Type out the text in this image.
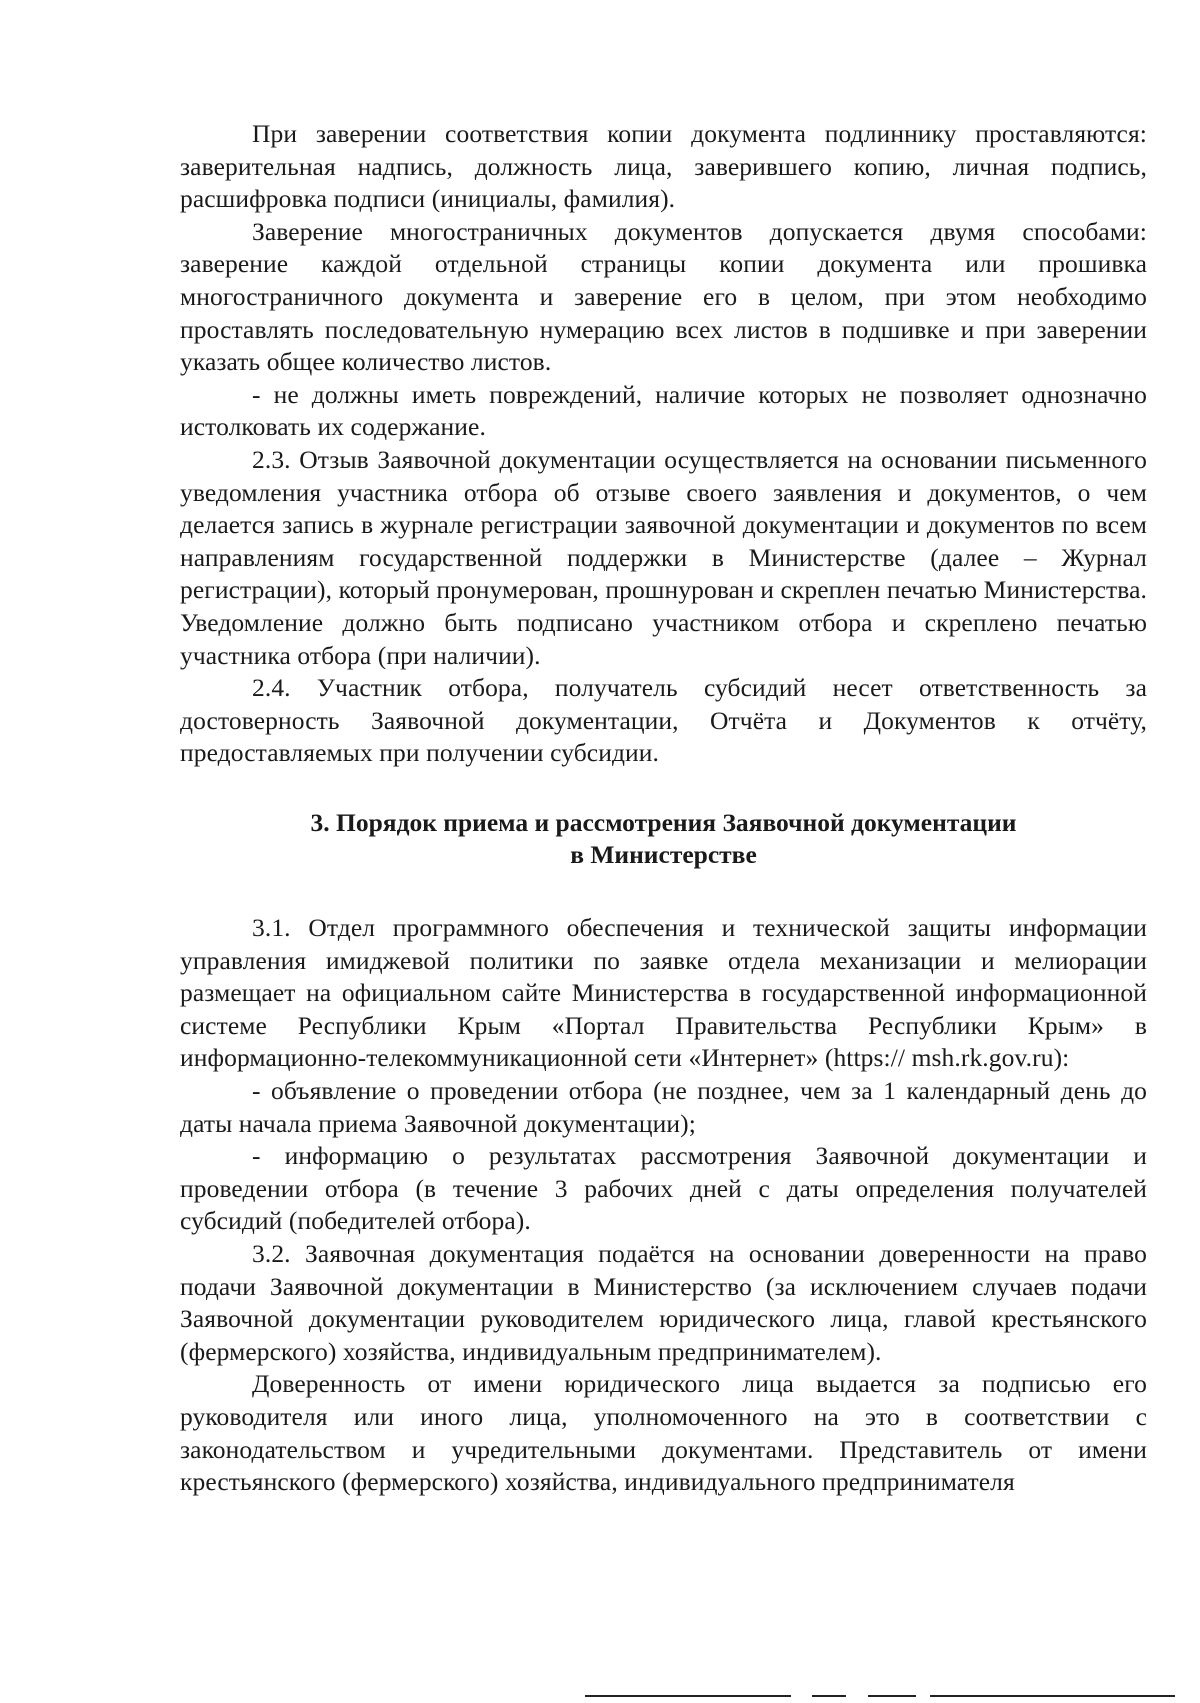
При заверении соответствия копии документа подлиннику проставляются: заверительная надпись, должность лица, заверившего копию, личная подпись, расшифровка подписи (инициалы, фамилия).

Заверение многостраничных документов допускается двумя способами: заверение каждой отдельной страницы копии документа или прошивка многостраничного документа и заверение его в целом, при этом необходимо проставлять последовательную нумерацию всех листов в подшивке и при заверении указать общее количество листов.

- не должны иметь повреждений, наличие которых не позволяет однозначно истолковать их содержание.

2.3. Отзыв Заявочной документации осуществляется на основании письменного уведомления участника отбора об отзыве своего заявления и документов, о чем делается запись в журнале регистрации заявочной документации и документов по всем направлениям государственной поддержки в Министерстве (далее – Журнал регистрации), который пронумерован, прошнурован и скреплен печатью Министерства. Уведомление должно быть подписано участником отбора и скреплено печатью участника отбора (при наличии).

2.4. Участник отбора, получатель субсидий несет ответственность за достоверность Заявочной документации, Отчёта и Документов к отчёту, предоставляемых при получении субсидии.

3. Порядок приема и рассмотрения Заявочной документации

в Министерстве

3.1. Отдел программного обеспечения и технической защиты информации управления имиджевой политики по заявке отдела механизации и мелиорации размещает на официальном сайте Министерства в государственной информационной системе Республики Крым «Портал Правительства Республики Крым» в информационно-телекоммуникационной сети «Интернет» (https:// msh.rk.gov.ru):

- объявление о проведении отбора (не позднее, чем за 1 календарный день до даты начала приема Заявочной документации);

- информацию о результатах рассмотрения Заявочной документации и проведении отбора (в течение 3 рабочих дней с даты определения получателей субсидий (победителей отбора).

3.2. Заявочная документация подаётся на основании доверенности на право подачи Заявочной документации в Министерство (за исключением случаев подачи Заявочной документации руководителем юридического лица, главой крестьянского (фермерского) хозяйства, индивидуальным предпринимателем).

Доверенность от имени юридического лица выдается за подписью его руководителя или иного лица, уполномоченного на это в соответствии с законодательством и учредительными документами. Представитель от имени крестьянского (фермерского) хозяйства, индивидуального предпринимателя
